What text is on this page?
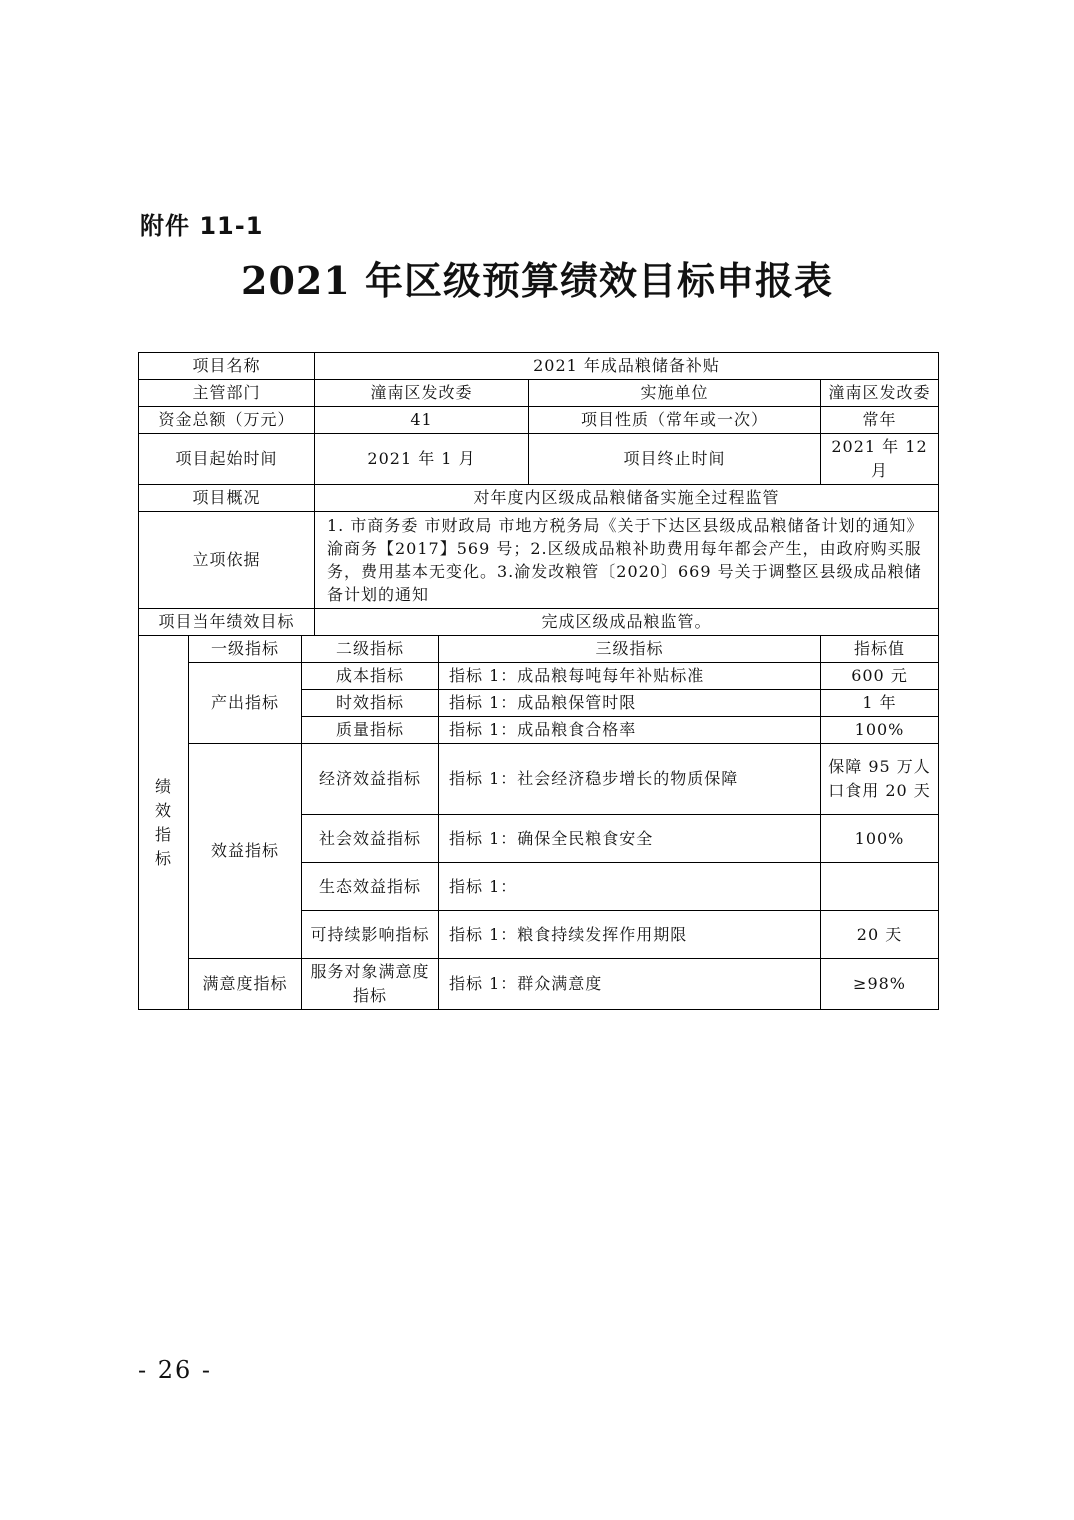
附件 11-1
2021 年区级预算绩效目标申报表
项目名称			2021 年成品粮储备补贴			
主管部门			潼南区发改委		实施单位	潼南区发改委
资金总额（万元）			41		项目性质（常年或一次）	常年
项目起始时间			2021 年 1 月		项目终止时间	2021 年 12 月
项目概况			对年度内区级成品粮储备实施全过程监管			
立项依据			1. 市商务委 市财政局 市地方税务局《关于下达区县级成品粮储备计划的通知》渝商务【2017】569 号；2.区级成品粮补助费用每年都会产生，由政府购买服务，费用基本无变化。3.渝发改粮管〔2020〕669 号关于调整区县级成品粮储备计划的通知			
项目当年绩效目标			完成区级成品粮监管。			
绩
效
指
标	一级指标	二级指标		三级指标		指标值
	产出指标	成本指标		指标 1：成品粮每吨每年补贴标准		600 元
		时效指标		指标 1：成品粮保管时限		1 年
		质量指标		指标 1：成品粮食合格率		100%
	效益指标	经济效益指标		指标 1：社会经济稳步增长的物质保障		保障 95 万人口食用 20 天
		社会效益指标		指标 1：确保全民粮食安全		100%
		生态效益指标		指标 1：		
		可持续影响指标		指标 1：粮食持续发挥作用期限		20 天
	满意度指标	服务对象满意度指标		指标 1：群众满意度		≥98%
- 26 -
